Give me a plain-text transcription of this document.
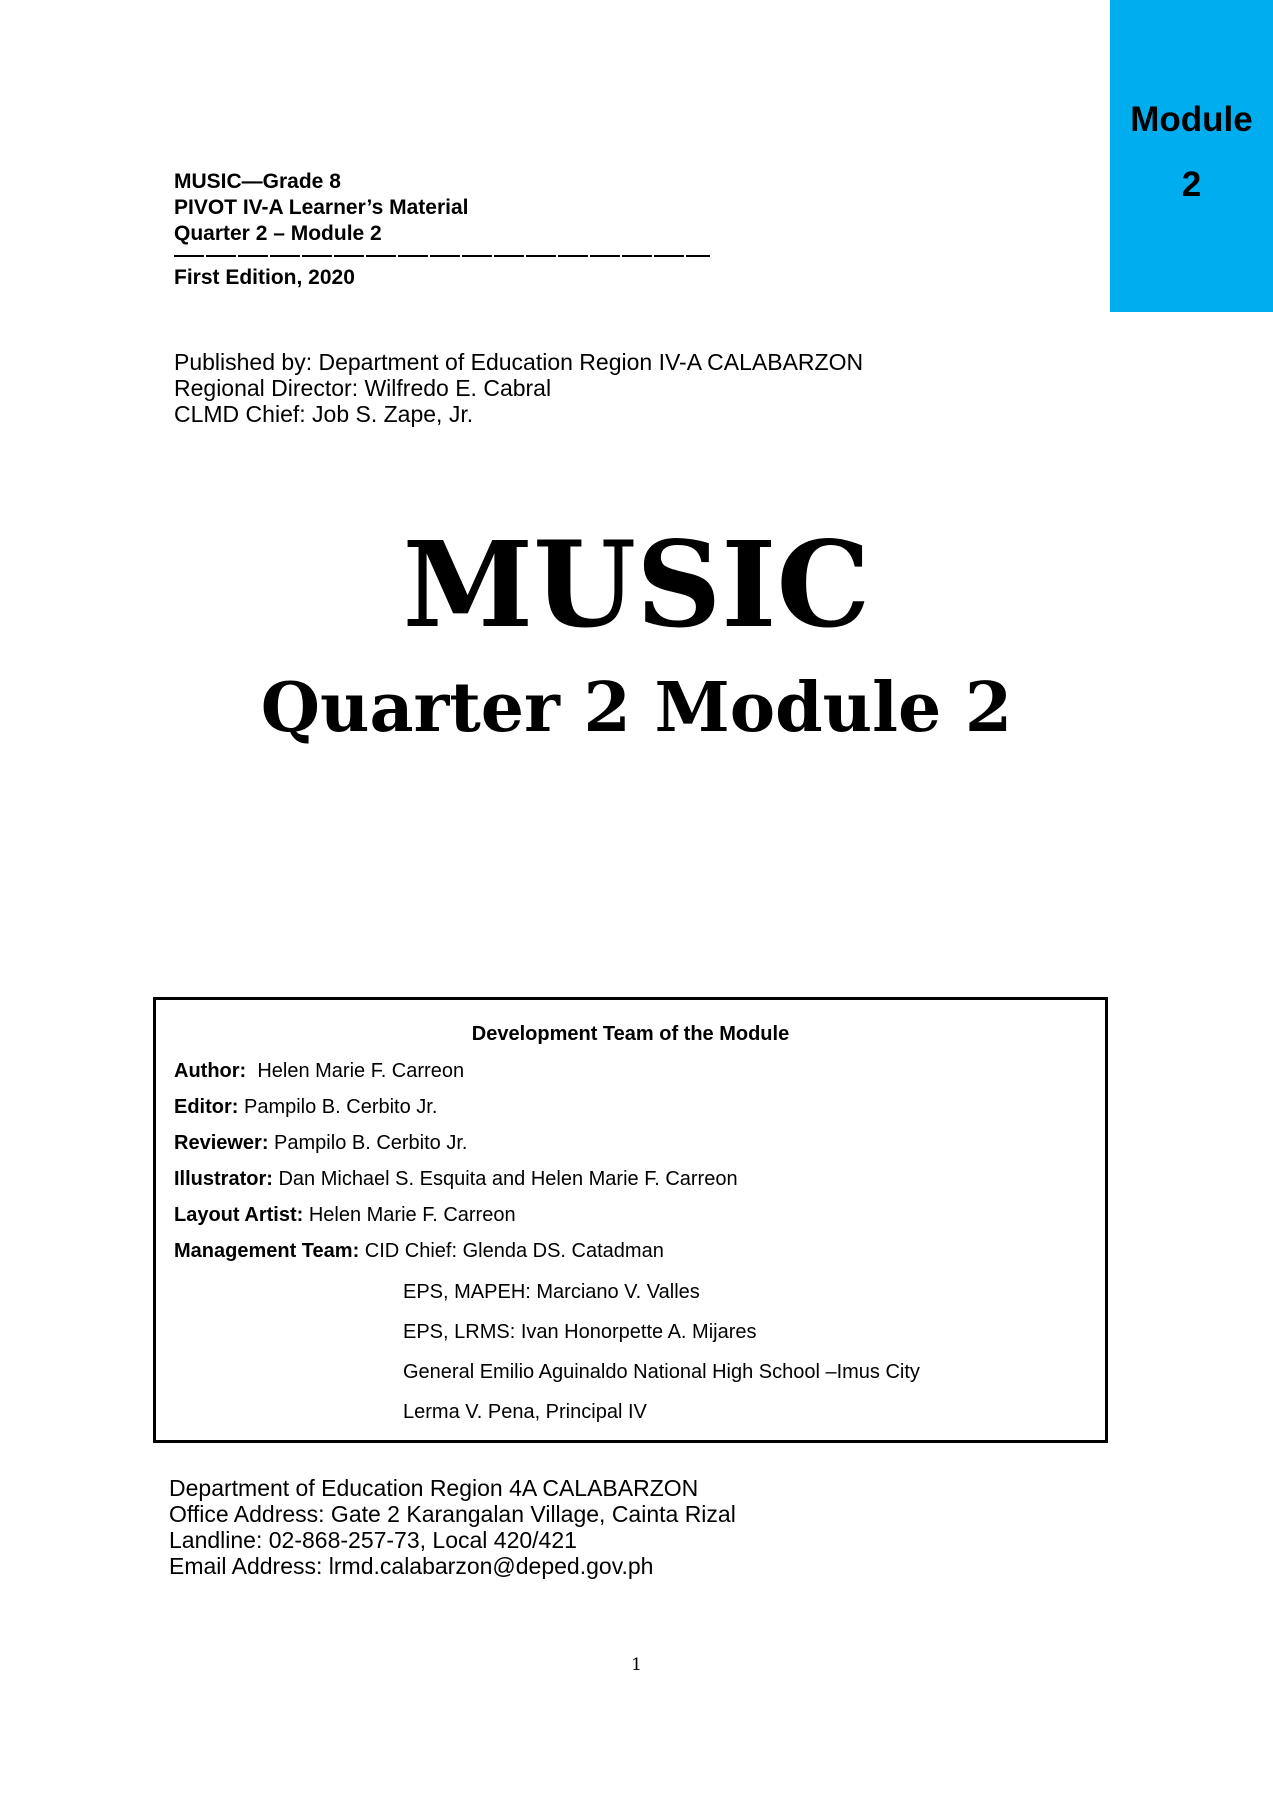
Module
2
MUSIC—Grade 8
PIVOT IV-A Learner’s Material
Quarter 2 – Module 2
First Edition, 2020
Published by: Department of Education Region IV-A CALABARZON
Regional Director: Wilfredo E. Cabral
CLMD Chief: Job S. Zape, Jr.
MUSIC
Quarter 2 Module 2
Development Team of the Module
Author:  Helen Marie F. Carreon
Editor: Pampilo B. Cerbito Jr.
Reviewer: Pampilo B. Cerbito Jr.
Illustrator: Dan Michael S. Esquita and Helen Marie F. Carreon
Layout Artist: Helen Marie F. Carreon
Management Team: CID Chief: Glenda DS. Catadman
EPS, MAPEH: Marciano V. Valles
EPS, LRMS: Ivan Honorpette A. Mijares
General Emilio Aguinaldo National High School –Imus City
Lerma V. Pena, Principal IV
Department of Education Region 4A CALABARZON
Office Address: Gate 2 Karangalan Village, Cainta Rizal
Landline: 02-868-257-73, Local 420/421
Email Address: lrmd.calabarzon@deped.gov.ph
1
